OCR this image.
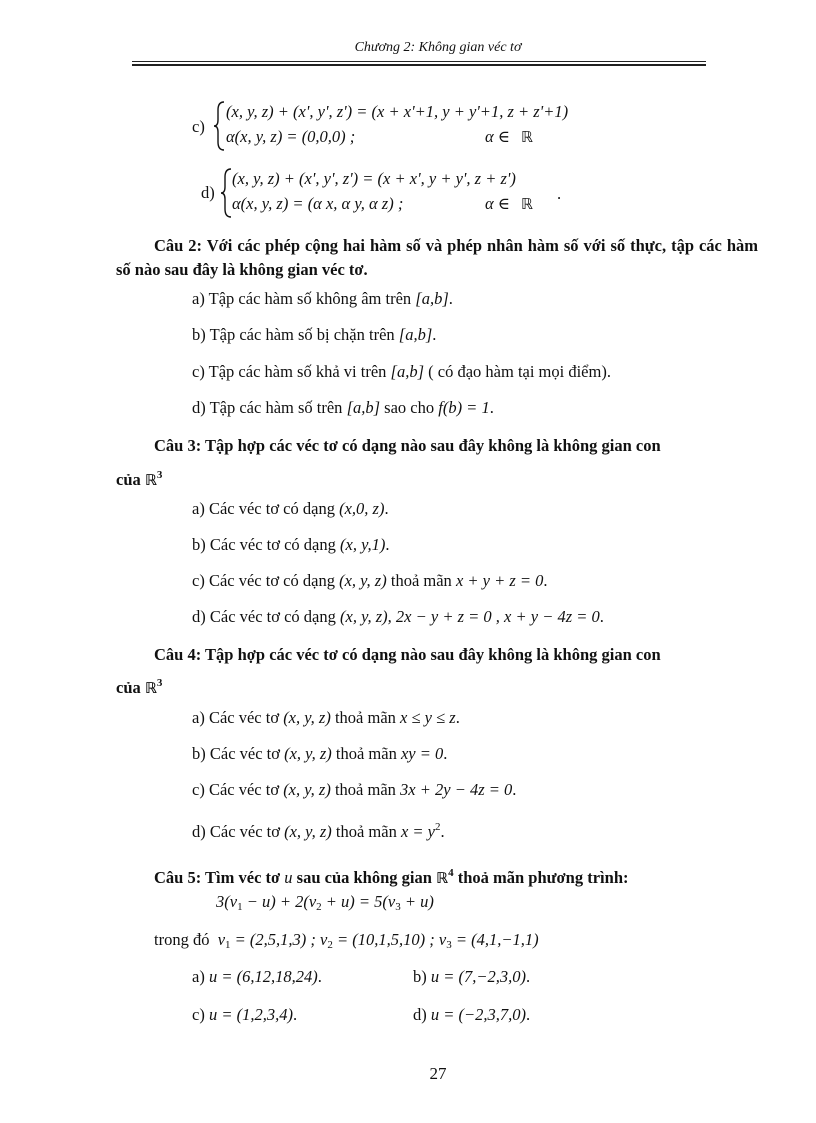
Chương 2: Không gian véc tơ
c)
(x, y, z) + (x', y', z') = (x + x'+1, y + y'+1, z + z'+1)
α(x, y, z) = (0,0,0) ;	α ∈ ℝ
d)
(x, y, z) + (x', y', z') = (x + x', y + y', z + z')
α(x, y, z) = (α x, α y, α z) ;	α ∈ ℝ
.
Câu 2: Với các phép cộng hai hàm số và phép nhân hàm số với số thực, tập các hàm số nào sau đây là không gian véc tơ.
a) Tập các hàm số không âm trên [a,b].
b) Tập các hàm số bị chặn trên [a,b].
c) Tập các hàm số khả vi trên [a,b] ( có đạo hàm tại mọi điểm).
d) Tập các hàm số trên [a,b] sao cho f(b) = 1.
Câu 3: Tập hợp các véc tơ có dạng nào sau đây không là không gian con
của ℝ$^3$
a) Các véc tơ có dạng (x,0, z).
b) Các véc tơ có dạng (x, y,1).
c) Các véc tơ có dạng (x, y, z) thoả mãn x + y + z = 0.
d) Các véc tơ có dạng (x, y, z), 2x − y + z = 0 , x + y − 4z = 0.
Câu 4: Tập hợp các véc tơ có dạng nào sau đây không là không gian con
của ℝ$^3$
a) Các véc tơ (x, y, z) thoả mãn x ≤ y ≤ z.
b) Các véc tơ (x, y, z) thoả mãn xy = 0.
c) Các véc tơ (x, y, z) thoả mãn 3x + 2y − 4z = 0.
d) Các véc tơ (x, y, z) thoả mãn $x = y^2$.
Câu 5: Tìm véc tơ u sau của không gian ℝ$^4$ thoả mãn phương trình:
$3(v_1 - u) + 2(v_2 + u) = 5(v_3 + u)$
trong đó $v_1 = (2,5,1,3)$ ; $v_2 = (10,1,5,10)$ ; $v_3 = (4,1,-1,1)$
a) u = (6,12,18,24).	b) u = (7,−2,3,0).
c) u = (1,2,3,4).	d) u = (−2,3,7,0).
27
